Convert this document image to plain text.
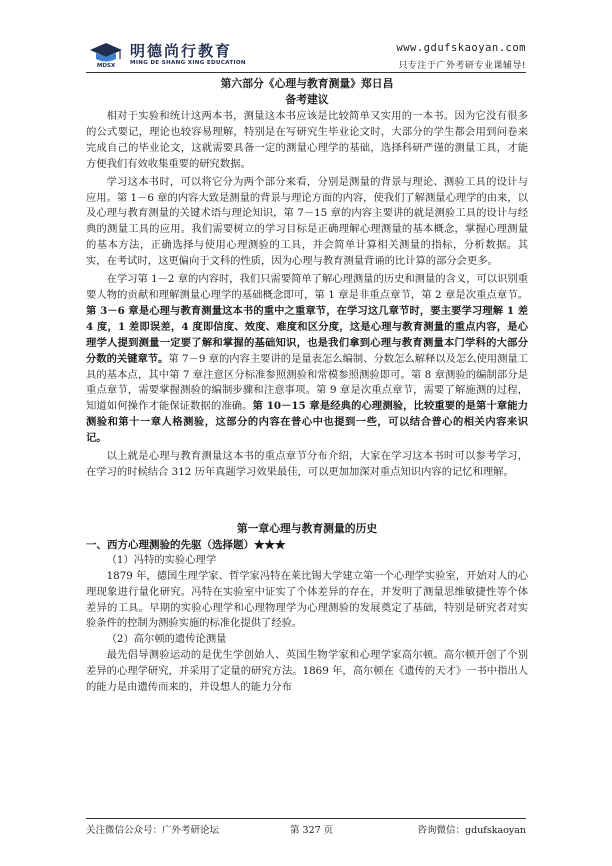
MDSX
明德尚行教育
MING DE SHANG XING EDUCATION
www.gdufskaoyan.com
只专注于广外考研专业课辅导!
第六部分《心理与教育测量》郑日昌
备考建议

相对于实验和统计这两本书，测量这本书应该是比较简单又实用的一本书。因为它没有很多的公式要记，理论也较容易理解，特别是在写研究生毕业论文时，大部分的学生都会用到问卷来完成自己的毕业论文，这就需要具备一定的测量心理学的基础，选择科研严谨的测量工具，才能方便我们有效收集重要的研究数据。

学习这本书时，可以将它分为两个部分来看，分别是测量的背景与理论、测验工具的设计与应用。第 1－6 章的内容大致是测量的背景与理论方面的内容，使我们了解测量心理学的由来，以及心理与教育测量的关键术语与理论知识，第 7－15 章的内容主要讲的就是测验工具的设计与经典的测量工具的应用。我们需要树立的学习目标是正确理解心理测量的基本概念，掌握心理测量的基本方法，正确选择与使用心理测验的工具，并会简单计算相关测量的指标，分析数据。其实，在考试时，这更偏向于文科的性质，因为心理与教育测量背诵的比计算的部分会更多。

在学习第 1－2 章的内容时，我们只需要简单了解心理测量的历史和测量的含义，可以识别重要人物的贡献和理解测量心理学的基础概念即可，第 1 章是非重点章节，第 2 章是次重点章节。第 3－6 章是心理与教育测量这本书的重中之重章节，在学习这几章节时，要主要学习理解 1 差 4 度，1 差即误差，4 度即信度、效度、难度和区分度，这是心理与教育测量的重点内容，是心理学人提到测量一定要了解和掌握的基础知识，也是我们拿到心理与教育测量本门学科的大部分分数的关键章节。第 7－9 章的内容主要讲的是量表怎么编制、分数怎么解释以及怎么使用测量工具的基本点，其中第 7 章注意区分标准参照测验和常模参照测验即可。第 8 章测验的编制部分是重点章节，需要掌握测验的编制步骤和注意事项。第 9 章是次重点章节，需要了解施测的过程，知道如何操作才能保证数据的准确。第 10－15 章是经典的心理测验，比较重要的是第十章能力测验和第十一章人格测验，这部分的内容在普心中也提到一些，可以结合普心的相关内容来识记。

以上就是心理与教育测量这本书的重点章节分布介绍，大家在学习这本书时可以参考学习，在学习的时候结合 312 历年真题学习效果最佳，可以更加加深对重点知识内容的记忆和理解。

第一章心理与教育测量的历史

一、西方心理测验的先驱（选择题）★★★

（1）冯特的实验心理学

1879 年，德国生理学家、哲学家冯特在莱比锡大学建立第一个心理学实验室，开始对人的心理现象进行量化研究。冯特在实验室中证实了个体差异的存在，并发明了测量思维敏捷性等个体差异的工具。早期的实验心理学和心理物理学为心理测验的发展奠定了基础，特别是研究者对实验条件的控制为测验实施的标准化提供了经验。

（2）高尔顿的遗传论测量

最先倡导测验运动的是优生学创始人、英国生物学家和心理学家高尔顿。高尔顿开创了个别差异的心理学研究，并采用了定量的研究方法。1869 年，高尔顿在《遗传的天才》一书中指出人的能力是由遗传而来的，并设想人的能力分布

关注微信公众号：广外考研论坛	第 327 页	咨询微信：gdufskaoyan
